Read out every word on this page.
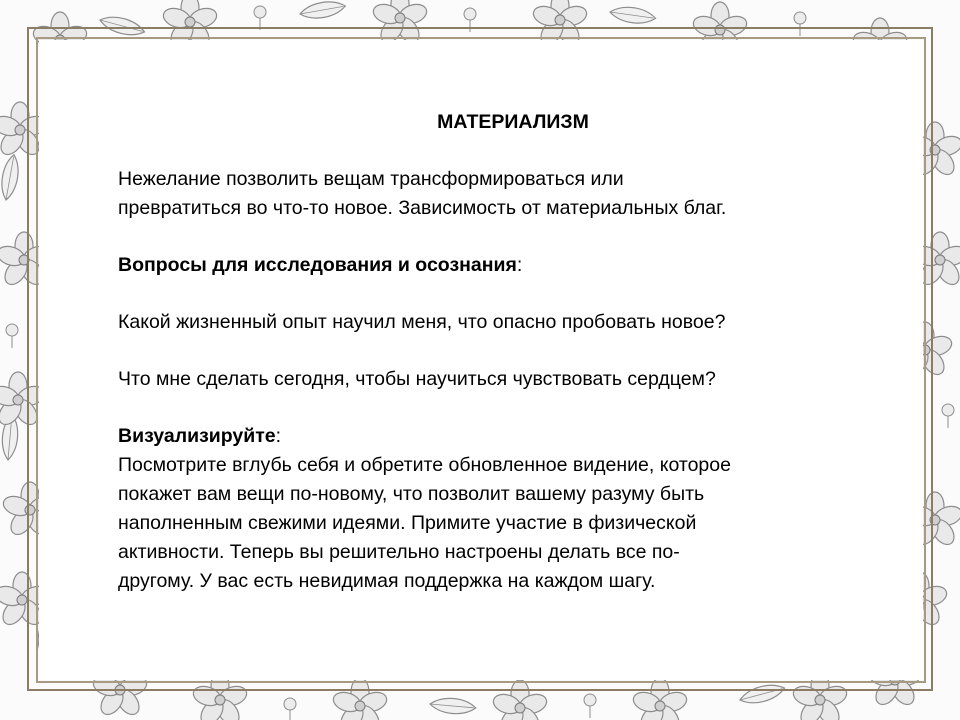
МАТЕРИАЛИЗМ

Нежелание позволить вещам трансформироваться или

превратиться во что-то новое. Зависимость от материальных благ.

Вопросы для исследования и осознания:

Какой жизненный опыт научил меня, что опасно пробовать новое?

Что мне сделать сегодня, чтобы научиться чувствовать сердцем?

Визуализируйте:

Посмотрите вглубь себя и обретите обновленное видение, которое

покажет вам вещи по-новому, что позволит вашему разуму быть

наполненным свежими идеями. Примите участие в физической

активности. Теперь вы решительно настроены делать все по-

другому. У вас есть невидимая поддержка на каждом шагу.
